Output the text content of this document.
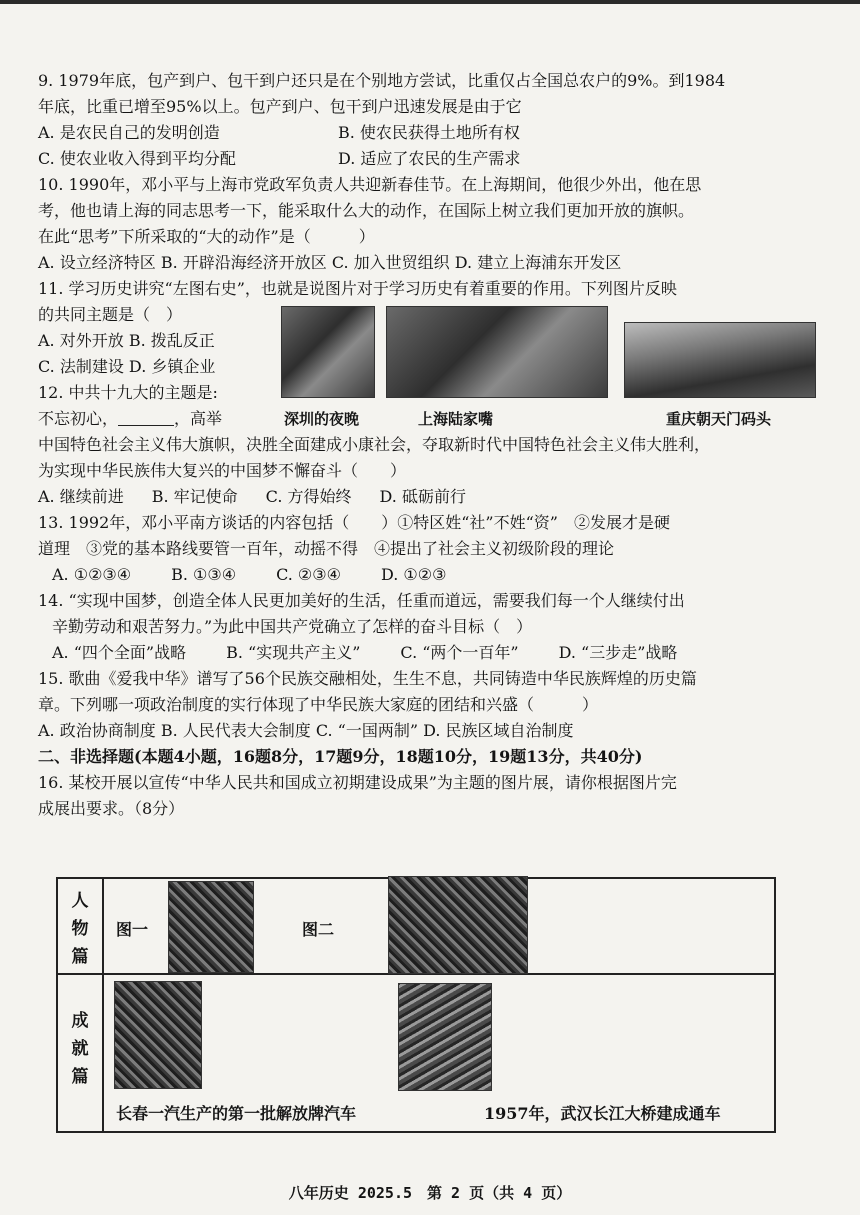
9. 1979年底，包产到户、包干到户还只是在个别地方尝试，比重仅占全国总农户的9%。到1984
年底，比重已增至95%以上。包产到户、包干到户迅速发展是由于它
A. 是农民自己的发明创造	B. 使农民获得土地所有权
C. 使农业收入得到平均分配	D. 适应了农民的生产需求
10. 1990年，邓小平与上海市党政军负责人共迎新春佳节。在上海期间，他很少外出，他在思
考，他也请上海的同志思考一下，能采取什么大的动作，在国际上树立我们更加开放的旗帜。
在此“思考”下所采取的“大的动作”是（　　　）
A. 设立经济特区 B. 开辟沿海经济开放区 C. 加入世贸组织 D. 建立上海浦东开发区
11. 学习历史讲究“左图右史”，也就是说图片对于学习历史有着重要的作用。下列图片反映
的共同主题是（　）
A. 对外开放 B. 拨乱反正
C. 法制建设 D. 乡镇企业
12. 中共十九大的主题是:
不忘初心，	，高举	深圳的夜晚	上海陆家嘴	重庆朝天门码头
中国特色社会主义伟大旗帜，决胜全面建成小康社会，夺取新时代中国特色社会主义伟大胜利，
为实现中华民族伟大复兴的中国梦不懈奋斗（　　）
A. 继续前进 B. 牢记使命 C. 方得始终 D. 砥砺前行
13. 1992年，邓小平南方谈话的内容包括（　　）①特区姓“社”不姓“资”　②发展才是硬
道理　③党的基本路线要管一百年，动摇不得　④提出了社会主义初级阶段的理论
A. ①②③④	B. ①③④	C. ②③④	D. ①②③
14. “实现中国梦，创造全体人民更加美好的生活，任重而道远，需要我们每一个人继续付出
辛勤劳动和艰苦努力。”为此中国共产党确立了怎样的奋斗目标（　）
A. “四个全面”战略	B. “实现共产主义”	C. “两个一百年”	D. “三步走”战略
15. 歌曲《爱我中华》谱写了56个民族交融相处，生生不息，共同铸造中华民族辉煌的历史篇
章。下列哪一项政治制度的实行体现了中华民族大家庭的团结和兴盛（　　　）
A. 政治协商制度 B. 人民代表大会制度 C. “一国两制” D. 民族区域自治制度
二、非选择题(本题4小题，16题8分，17题9分，18题10分，19题13分，共40分)
16. 某校开展以宣传“中华人民共和国成立初期建设成果”为主题的图片展，请你根据图片完
成展出要求。（8分）
人
物
篇
成
就
篇
图一	图二
长春一汽生产的第一批解放牌汽车	1957年，武汉长江大桥建成通车
八年历史 2025.5　第 2 页（共 4 页）
